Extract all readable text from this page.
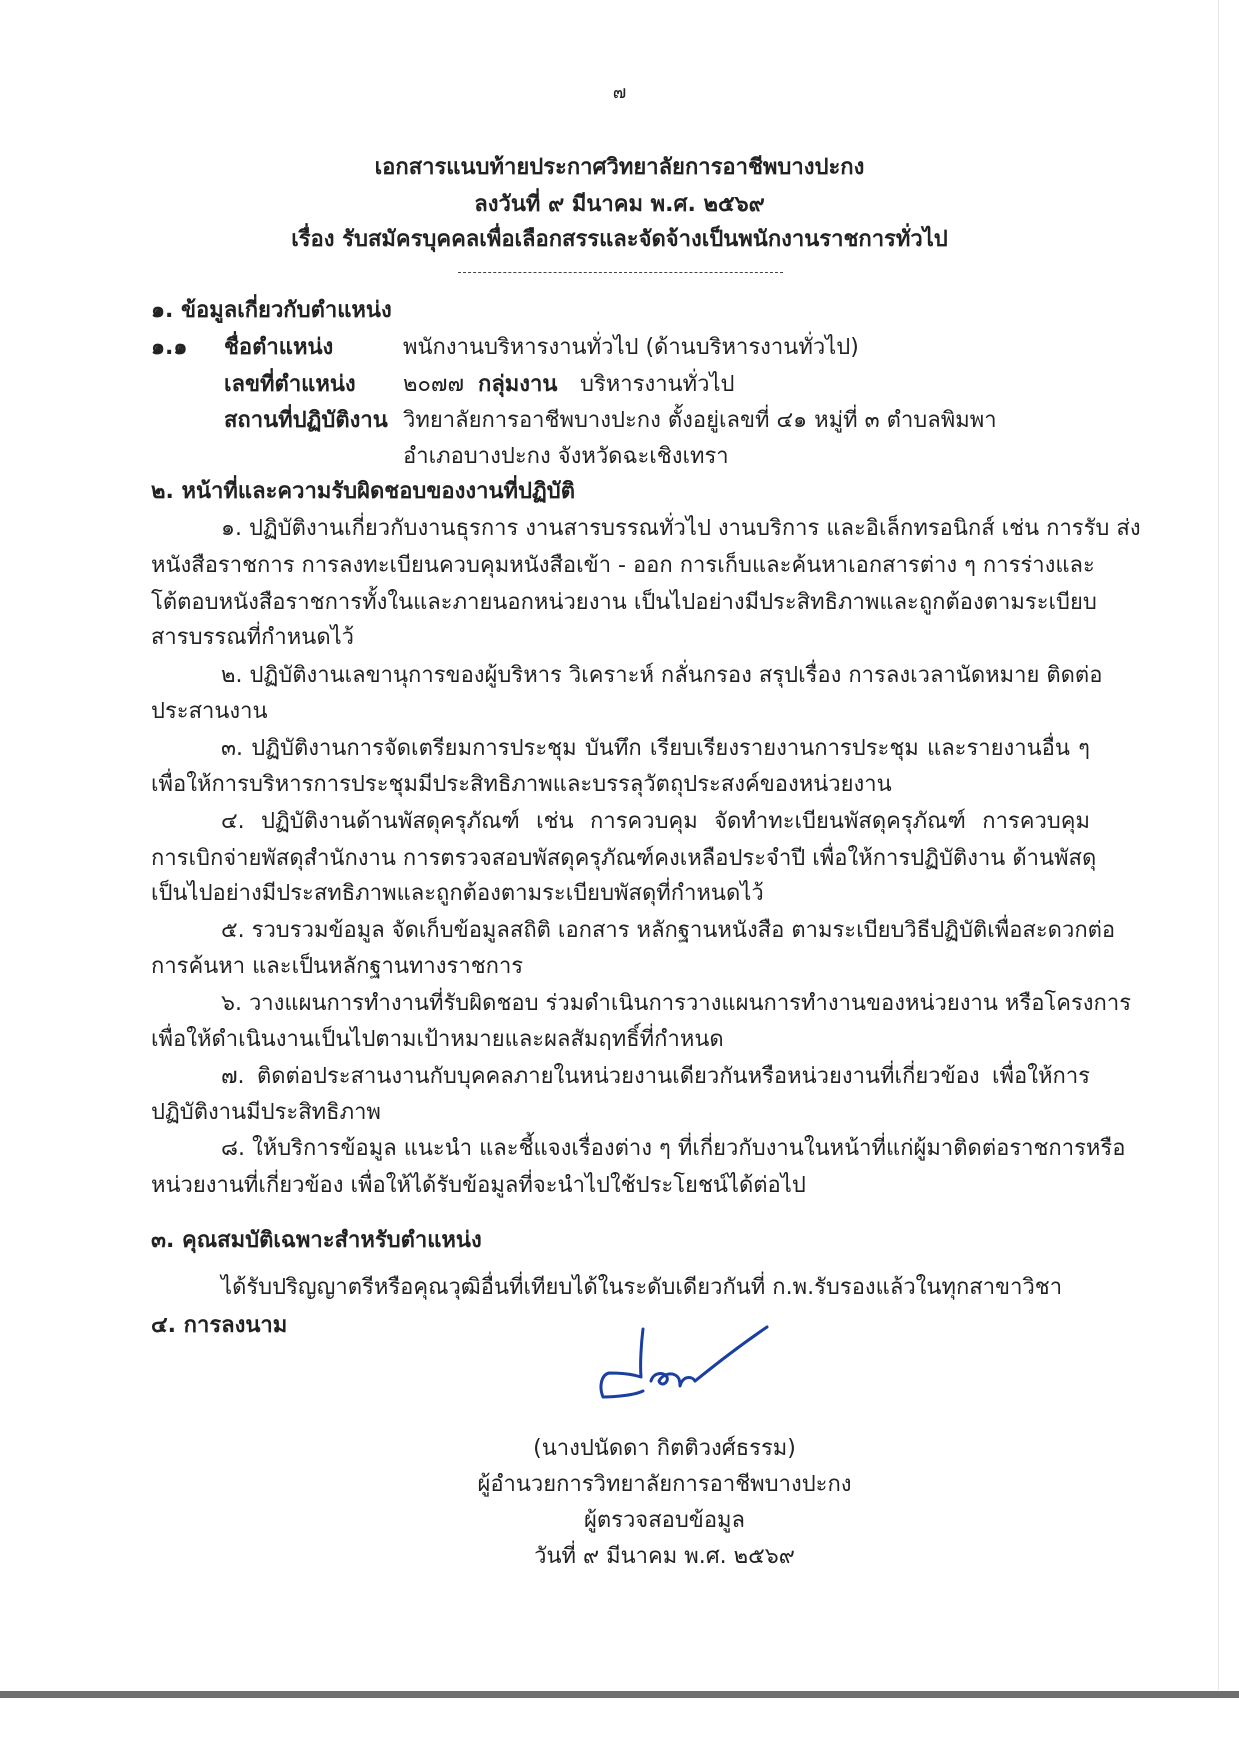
๗
เอกสารแนบท้ายประกาศวิทยาลัยการอาชีพบางปะกง
ลงวันที่ ๙ มีนาคม พ.ศ. ๒๕๖๙
เรื่อง รับสมัครบุคคลเพื่อเลือกสรรและจัดจ้างเป็นพนักงานราชการทั่วไป
๑. ข้อมูลเกี่ยวกับตำแหน่ง
๑.๑ ชื่อตำแหน่ง	พนักงานบริหารงานทั่วไป (ด้านบริหารงานทั่วไป)
เลขที่ตำแหน่ง ๒๐๗๗ กลุ่มงาน บริหารงานทั่วไป
สถานที่ปฏิบัติงาน วิทยาลัยการอาชีพบางปะกง ตั้งอยู่เลขที่ ๔๑ หมู่ที่ ๓ ตำบลพิมพา
อำเภอบางปะกง จังหวัดฉะเชิงเทรา
๒. หน้าที่และความรับผิดชอบของงานที่ปฏิบัติ
๑. ปฏิบัติงานเกี่ยวกับงานธุรการ งานสารบรรณทั่วไป งานบริการ และอิเล็กทรอนิกส์ เช่น การรับ ส่ง
หนังสือราชการ การลงทะเบียนควบคุมหนังสือเข้า - ออก การเก็บและค้นหาเอกสารต่าง ๆ การร่างและ
โต้ตอบหนังสือราชการทั้งในและภายนอกหน่วยงาน เป็นไปอย่างมีประสิทธิภาพและถูกต้องตามระเบียบ
สารบรรณที่กำหนดไว้
๒. ปฏิบัติงานเลขานุการของผู้บริหาร วิเคราะห์ กลั่นกรอง สรุปเรื่อง การลงเวลานัดหมาย ติดต่อ
ประสานงาน
๓. ปฏิบัติงานการจัดเตรียมการประชุม บันทึก เรียบเรียงรายงานการประชุม และรายงานอื่น ๆ
เพื่อให้การบริหารการประชุมมีประสิทธิภาพและบรรลุวัตถุประสงค์ของหน่วยงาน
๔. ปฏิบัติงานด้านพัสดุครุภัณฑ์ เช่น การควบคุม จัดทำทะเบียนพัสดุครุภัณฑ์ การควบคุม
การเบิกจ่ายพัสดุสำนักงาน การตรวจสอบพัสดุครุภัณฑ์คงเหลือประจำปี เพื่อให้การปฏิบัติงาน ด้านพัสดุ
เป็นไปอย่างมีประสทธิภาพและถูกต้องตามระเบียบพัสดุที่กำหนดไว้
๕. รวบรวมข้อมูล จัดเก็บข้อมูลสถิติ เอกสาร หลักฐานหนังสือ ตามระเบียบวิธีปฏิบัติเพื่อสะดวกต่อ
การค้นหา และเป็นหลักฐานทางราชการ
๖. วางแผนการทำงานที่รับผิดชอบ ร่วมดำเนินการวางแผนการทำงานของหน่วยงาน หรือโครงการ
เพื่อให้ดำเนินงานเป็นไปตามเป้าหมายและผลสัมฤทธิ์ที่กำหนด
๗. ติดต่อประสานงานกับบุคคลภายในหน่วยงานเดียวกันหรือหน่วยงานที่เกี่ยวข้อง เพื่อให้การ
ปฏิบัติงานมีประสิทธิภาพ
๘. ให้บริการข้อมูล แนะนำ และชี้แจงเรื่องต่าง ๆ ที่เกี่ยวกับงานในหน้าที่แก่ผู้มาติดต่อราชการหรือ
หน่วยงานที่เกี่ยวข้อง เพื่อให้ได้รับข้อมูลที่จะนำไปใช้ประโยชน์ได้ต่อไป
๓. คุณสมบัติเฉพาะสำหรับตำแหน่ง
ได้รับปริญญาตรีหรือคุณวุฒิอื่นที่เทียบได้ในระดับเดียวกันที่ ก.พ.รับรองแล้วในทุกสาขาวิชา
๔. การลงนาม
(นางปนัดดา กิตติวงศ์ธรรม)
ผู้อำนวยการวิทยาลัยการอาชีพบางปะกง
ผู้ตรวจสอบข้อมูล
วันที่ ๙ มีนาคม พ.ศ. ๒๕๖๙
